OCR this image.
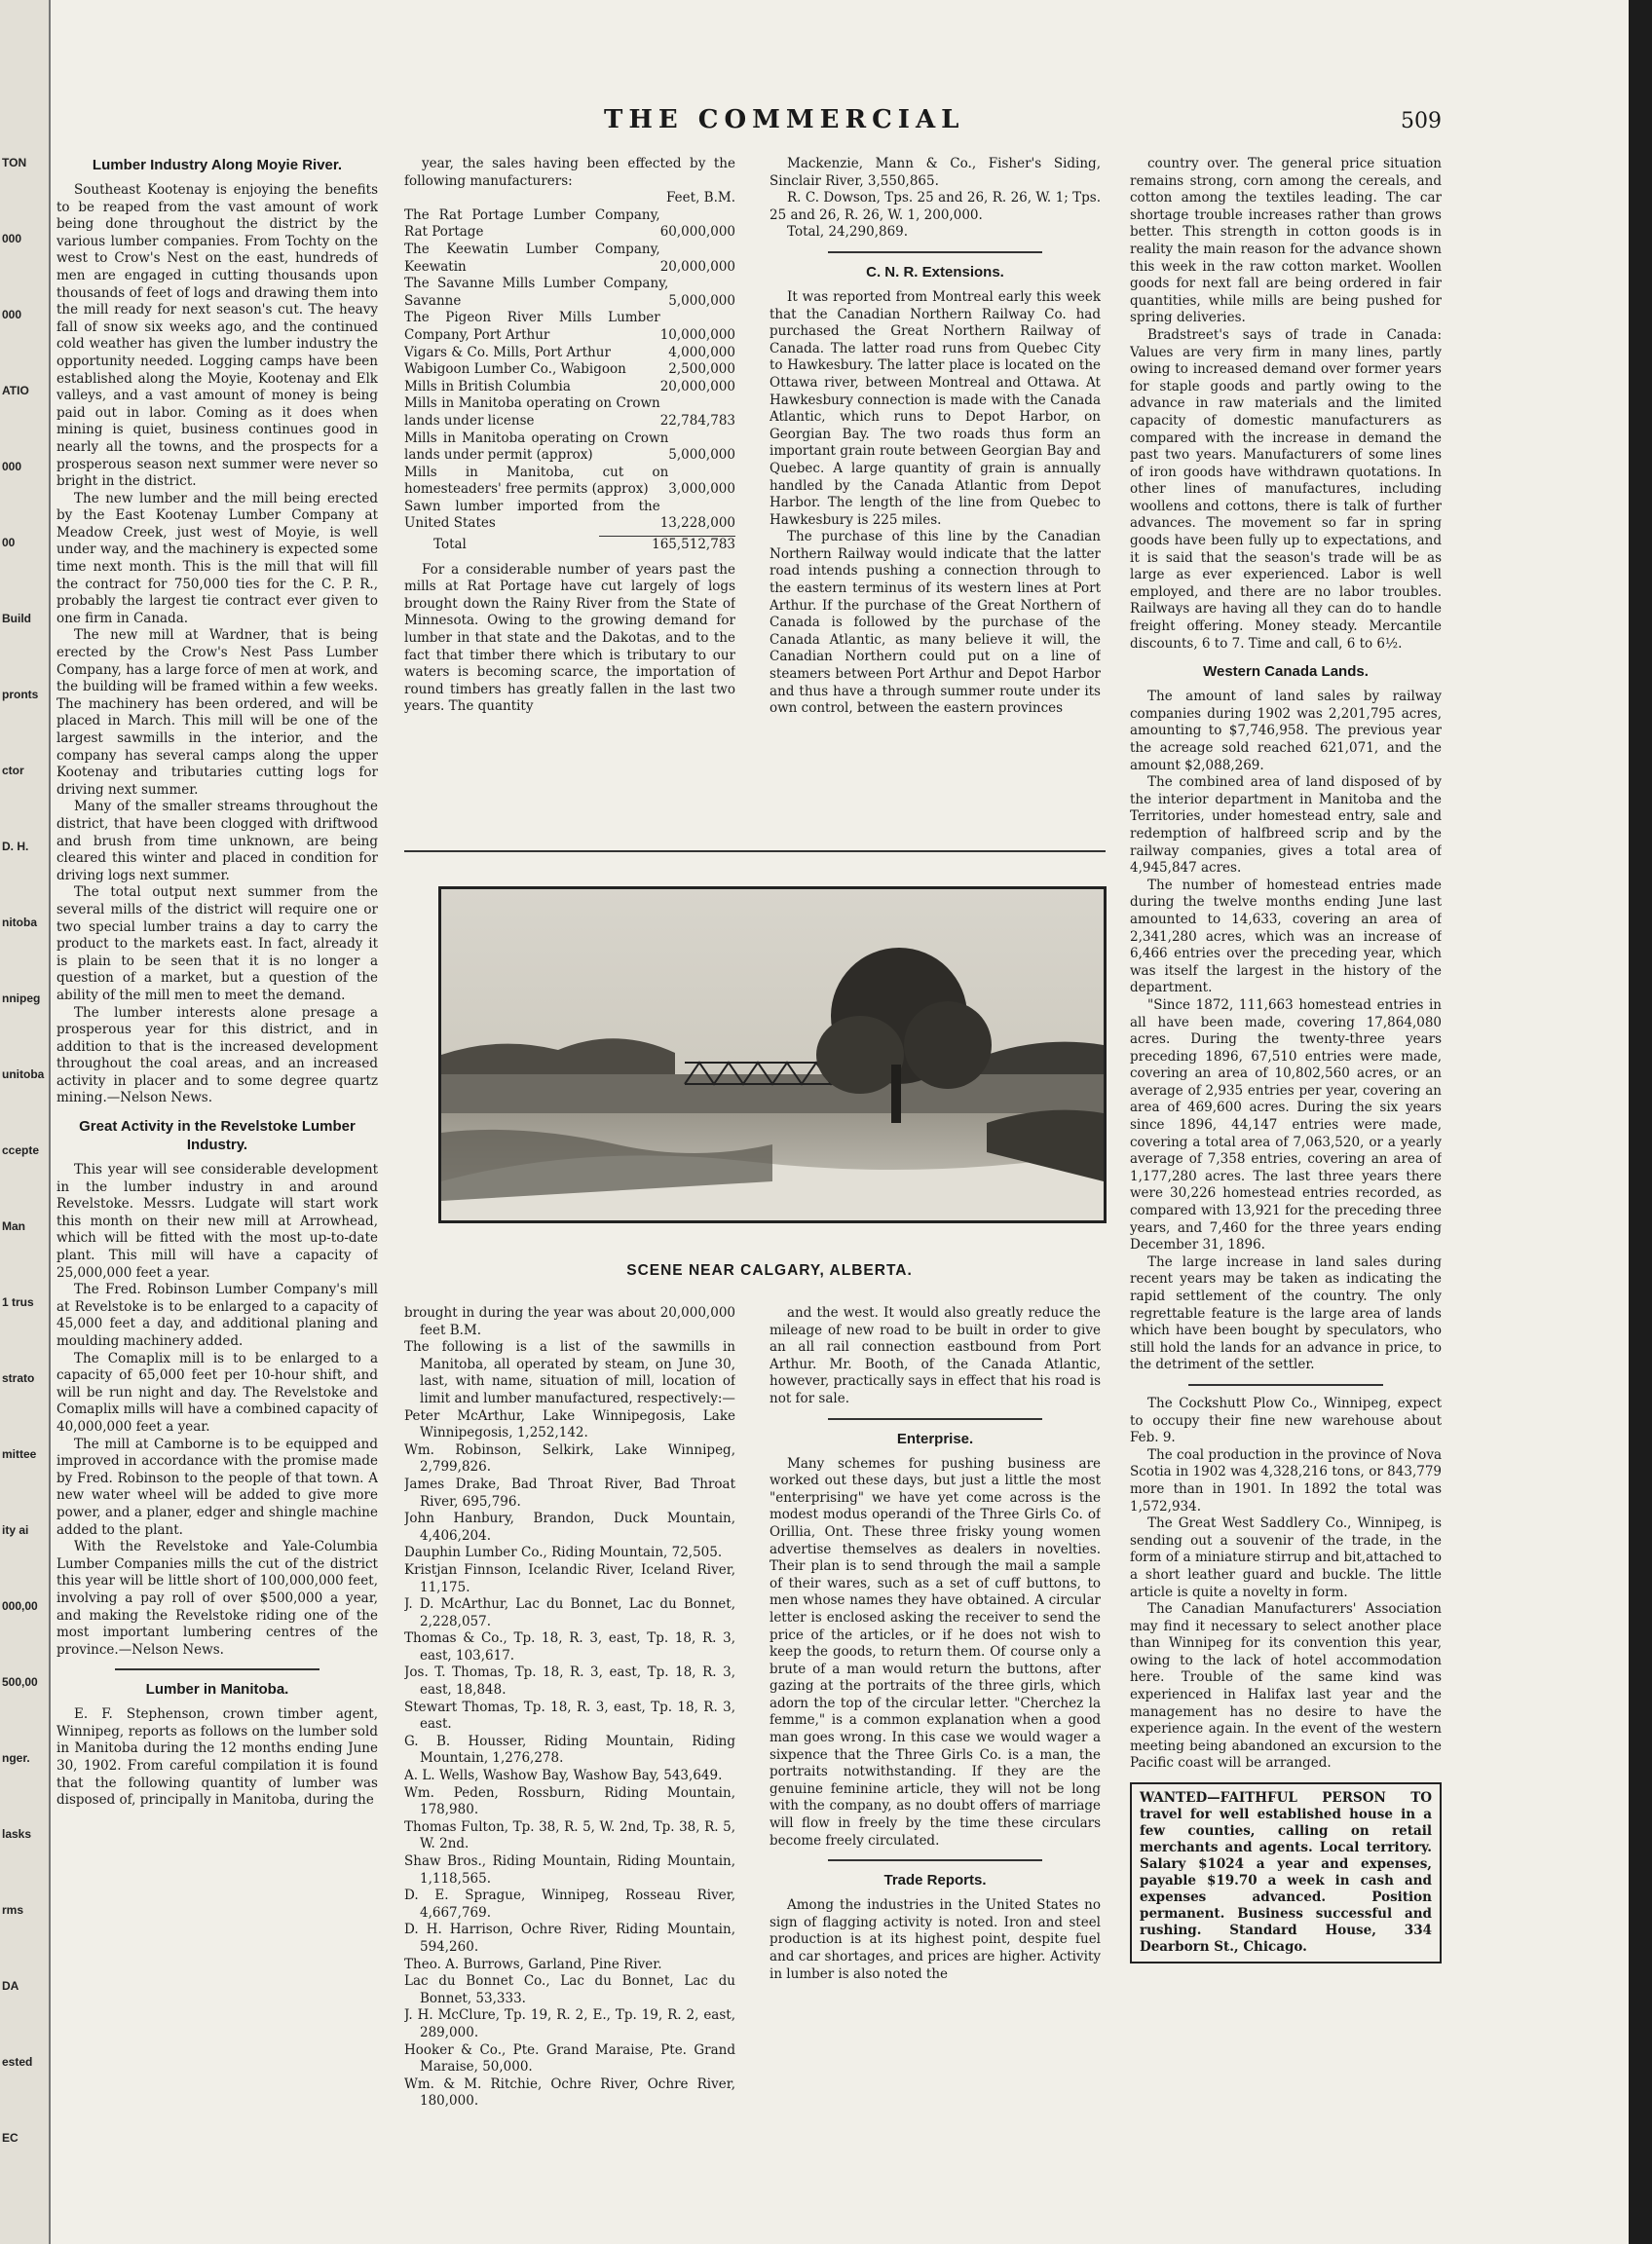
TON
000
000
ATIO
000
00
Build
pronts
ctor
D. H.
nitoba
nnipeg
unitoba
ccepte
Man
1 trus
strato
mittee
ity ai
000,00
500,00
nger.
lasks
rms
DA
ested
EC
THE COMMERCIAL	509
Lumber Industry Along Moyie River.

Southeast Kootenay is enjoying the benefits to be reaped from the vast amount of work being done throughout the district by the various lumber companies. From Tochty on the west to Crow's Nest on the east, hundreds of men are engaged in cutting thousands upon thousands of feet of logs and drawing them into the mill ready for next season's cut. The heavy fall of snow six weeks ago, and the continued cold weather has given the lumber industry the opportunity needed. Logging camps have been established along the Moyie, Kootenay and Elk valleys, and a vast amount of money is being paid out in labor. Coming as it does when mining is quiet, business continues good in nearly all the towns, and the prospects for a prosperous season next summer were never so bright in the district.

The new lumber and the mill being erected by the East Kootenay Lumber Company at Meadow Creek, just west of Moyie, is well under way, and the machinery is expected some time next month. This is the mill that will fill the contract for 750,000 ties for the C. P. R., probably the largest tie contract ever given to one firm in Canada.

The new mill at Wardner, that is being erected by the Crow's Nest Pass Lumber Company, has a large force of men at work, and the building will be framed within a few weeks. The machinery has been ordered, and will be placed in March. This mill will be one of the largest sawmills in the interior, and the company has several camps along the upper Kootenay and tributaries cutting logs for driving next summer.

Many of the smaller streams throughout the district, that have been clogged with driftwood and brush from time unknown, are being cleared this winter and placed in condition for driving logs next summer.

The total output next summer from the several mills of the district will require one or two special lumber trains a day to carry the product to the markets east. In fact, already it is plain to be seen that it is no longer a question of a market, but a question of the ability of the mill men to meet the demand.

The lumber interests alone presage a prosperous year for this district, and in addition to that is the increased development throughout the coal areas, and an increased activity in placer and to some degree quartz mining.—Nelson News.

Great Activity in the Revelstoke Lumber Industry.

This year will see considerable development in the lumber industry in and around Revelstoke. Messrs. Ludgate will start work this month on their new mill at Arrowhead, which will be fitted with the most up-to-date plant. This mill will have a capacity of 25,000,000 feet a year.

The Fred. Robinson Lumber Company's mill at Revelstoke is to be enlarged to a capacity of 45,000 feet a day, and additional planing and moulding machinery added.

The Comaplix mill is to be enlarged to a capacity of 65,000 feet per 10-hour shift, and will be run night and day. The Revelstoke and Comaplix mills will have a combined capacity of 40,000,000 feet a year.

The mill at Camborne is to be equipped and improved in accordance with the promise made by Fred. Robinson to the people of that town. A new water wheel will be added to give more power, and a planer, edger and shingle machine added to the plant.

With the Revelstoke and Yale-Columbia Lumber Companies mills the cut of the district this year will be little short of 100,000,000 feet, involving a pay roll of over $500,000 a year, and making the Revelstoke riding one of the most important lumbering centres of the province.—Nelson News.

Lumber in Manitoba.

E. F. Stephenson, crown timber agent, Winnipeg, reports as follows on the lumber sold in Manitoba during the 12 months ending June 30, 1902. From careful compilation it is found that the following quantity of lumber was disposed of, principally in Manitoba, during the

year, the sales having been effected by the following manufacturers:

Feet, B.M.
The Rat Portage Lumber Company, Rat Portage	60,000,000
The Keewatin Lumber Company, Keewatin	20,000,000
The Savanne Mills Lumber Company, Savanne	5,000,000
The Pigeon River Mills Lumber Company, Port Arthur	10,000,000
Vigars & Co. Mills, Port Arthur	4,000,000
Wabigoon Lumber Co., Wabigoon	2,500,000
Mills in British Columbia	20,000,000
Mills in Manitoba operating on Crown lands under license	22,784,783
Mills in Manitoba operating on Crown lands under permit (approx)	5,000,000
Mills in Manitoba, cut on homesteaders' free permits (approx)	3,000,000
Sawn lumber imported from the United States	13,228,000
Total	165,512,783

For a considerable number of years past the mills at Rat Portage have cut largely of logs brought down the Rainy River from the State of Minnesota. Owing to the growing demand for lumber in that state and the Dakotas, and to the fact that timber there which is tributary to our waters is becoming scarce, the importation of round timbers has greatly fallen in the last two years. The quantity

Mackenzie, Mann & Co., Fisher's Siding, Sinclair River, 3,550,865.

R. C. Dowson, Tps. 25 and 26, R. 26, W. 1; Tps. 25 and 26, R. 26, W. 1, 200,000.

Total, 24,290,869.

C. N. R. Extensions.

It was reported from Montreal early this week that the Canadian Northern Railway Co. had purchased the Great Northern Railway of Canada. The latter road runs from Quebec City to Hawkesbury. The latter place is located on the Ottawa river, between Montreal and Ottawa. At Hawkesbury connection is made with the Canada Atlantic, which runs to Depot Harbor, on Georgian Bay. The two roads thus form an important grain route between Georgian Bay and Quebec. A large quantity of grain is annually handled by the Canada Atlantic from Depot Harbor. The length of the line from Quebec to Hawkesbury is 225 miles.

The purchase of this line by the Canadian Northern Railway would indicate that the latter road intends pushing a connection through to the eastern terminus of its western lines at Port Arthur. If the purchase of the Great Northern of Canada is followed by the purchase of the Canada Atlantic, as many believe it will, the Canadian Northern could put on a line of steamers between Port Arthur and Depot Harbor and thus have a through summer route under its own control, between the eastern provinces

SCENE NEAR CALGARY, ALBERTA.

brought in during the year was about 20,000,000 feet B.M.

The following is a list of the sawmills in Manitoba, all operated by steam, on June 30, last, with name, situation of mill, location of limit and lumber manufactured, respectively:—

Peter McArthur, Lake Winnipegosis, Lake Winnipegosis, 1,252,142.

Wm. Robinson, Selkirk, Lake Winnipeg, 2,799,826.

James Drake, Bad Throat River, Bad Throat River, 695,796.

John Hanbury, Brandon, Duck Mountain, 4,406,204.

Dauphin Lumber Co., Riding Mountain, 72,505.

Kristjan Finnson, Icelandic River, Iceland River, 11,175.

J. D. McArthur, Lac du Bonnet, Lac du Bonnet, 2,228,057.

Thomas & Co., Tp. 18, R. 3, east, Tp. 18, R. 3, east, 103,617.

Jos. T. Thomas, Tp. 18, R. 3, east, Tp. 18, R. 3, east, 18,848.

Stewart Thomas, Tp. 18, R. 3, east, Tp. 18, R. 3, east.

G. B. Housser, Riding Mountain, Riding Mountain, 1,276,278.

A. L. Wells, Washow Bay, Washow Bay, 543,649.

Wm. Peden, Rossburn, Riding Mountain, 178,980.

Thomas Fulton, Tp. 38, R. 5, W. 2nd, Tp. 38, R. 5, W. 2nd.

Shaw Bros., Riding Mountain, Riding Mountain, 1,118,565.

D. E. Sprague, Winnipeg, Rosseau River, 4,667,769.

D. H. Harrison, Ochre River, Riding Mountain, 594,260.

Theo. A. Burrows, Garland, Pine River.

Lac du Bonnet Co., Lac du Bonnet, Lac du Bonnet, 53,333.

J. H. McClure, Tp. 19, R. 2, E., Tp. 19, R. 2, east, 289,000.

Hooker & Co., Pte. Grand Maraise, Pte. Grand Maraise, 50,000.

Wm. & M. Ritchie, Ochre River, Ochre River, 180,000.

and the west. It would also greatly reduce the mileage of new road to be built in order to give an all rail connection eastbound from Port Arthur. Mr. Booth, of the Canada Atlantic, however, practically says in effect that his road is not for sale.

Enterprise.

Many schemes for pushing business are worked out these days, but just a little the most "enterprising" we have yet come across is the modest modus operandi of the Three Girls Co. of Orillia, Ont. These three frisky young women advertise themselves as dealers in novelties. Their plan is to send through the mail a sample of their wares, such as a set of cuff buttons, to men whose names they have obtained. A circular letter is enclosed asking the receiver to send the price of the articles, or if he does not wish to keep the goods, to return them. Of course only a brute of a man would return the buttons, after gazing at the portraits of the three girls, which adorn the top of the circular letter. "Cherchez la femme," is a common explanation when a good man goes wrong. In this case we would wager a sixpence that the Three Girls Co. is a man, the portraits notwithstanding. If they are the genuine feminine article, they will not be long with the company, as no doubt offers of marriage will flow in freely by the time these circulars become freely circulated.

Trade Reports.

Among the industries in the United States no sign of flagging activity is noted. Iron and steel production is at its highest point, despite fuel and car shortages, and prices are higher. Activity in lumber is also noted the

country over. The general price situation remains strong, corn among the cereals, and cotton among the textiles leading. The car shortage trouble increases rather than grows better. This strength in cotton goods is in reality the main reason for the advance shown this week in the raw cotton market. Woollen goods for next fall are being ordered in fair quantities, while mills are being pushed for spring deliveries.

Bradstreet's says of trade in Canada: Values are very firm in many lines, partly owing to increased demand over former years for staple goods and partly owing to the advance in raw materials and the limited capacity of domestic manufacturers as compared with the increase in demand the past two years. Manufacturers of some lines of iron goods have withdrawn quotations. In other lines of manufactures, including woollens and cottons, there is talk of further advances. The movement so far in spring goods have been fully up to expectations, and it is said that the season's trade will be as large as ever experienced. Labor is well employed, and there are no labor troubles. Railways are having all they can do to handle freight offering. Money steady. Mercantile discounts, 6 to 7. Time and call, 6 to 6½.

Western Canada Lands.

The amount of land sales by railway companies during 1902 was 2,201,795 acres, amounting to $7,746,958. The previous year the acreage sold reached 621,071, and the amount $2,088,269.

The combined area of land disposed of by the interior department in Manitoba and the Territories, under homestead entry, sale and redemption of halfbreed scrip and by the railway companies, gives a total area of 4,945,847 acres.

The number of homestead entries made during the twelve months ending June last amounted to 14,633, covering an area of 2,341,280 acres, which was an increase of 6,466 entries over the preceding year, which was itself the largest in the history of the department.

"Since 1872, 111,663 homestead entries in all have been made, covering 17,864,080 acres. During the twenty-three years preceding 1896, 67,510 entries were made, covering an area of 10,802,560 acres, or an average of 2,935 entries per year, covering an area of 469,600 acres. During the six years since 1896, 44,147 entries were made, covering a total area of 7,063,520, or a yearly average of 7,358 entries, covering an area of 1,177,280 acres. The last three years there were 30,226 homestead entries recorded, as compared with 13,921 for the preceding three years, and 7,460 for the three years ending December 31, 1896.

The large increase in land sales during recent years may be taken as indicating the rapid settlement of the country. The only regrettable feature is the large area of lands which have been bought by speculators, who still hold the lands for an advance in price, to the detriment of the settler.

The Cockshutt Plow Co., Winnipeg, expect to occupy their fine new warehouse about Feb. 9.

The coal production in the province of Nova Scotia in 1902 was 4,328,216 tons, or 843,779 more than in 1901. In 1892 the total was 1,572,934.

The Great West Saddlery Co., Winnipeg, is sending out a souvenir of the trade, in the form of a miniature stirrup and bit,attached to a short leather guard and buckle. The little article is quite a novelty in form.

The Canadian Manufacturers' Association may find it necessary to select another place than Winnipeg for its convention this year, owing to the lack of hotel accommodation here. Trouble of the same kind was experienced in Halifax last year and the management has no desire to have the experience again. In the event of the western meeting being abandoned an excursion to the Pacific coast will be arranged.

WANTED—FAITHFUL PERSON TO travel for well established house in a few counties, calling on retail merchants and agents. Local territory. Salary $1024 a year and expenses, payable $19.70 a week in cash and expenses advanced. Position permanent. Business successful and rushing. Standard House, 334 Dearborn St., Chicago.
